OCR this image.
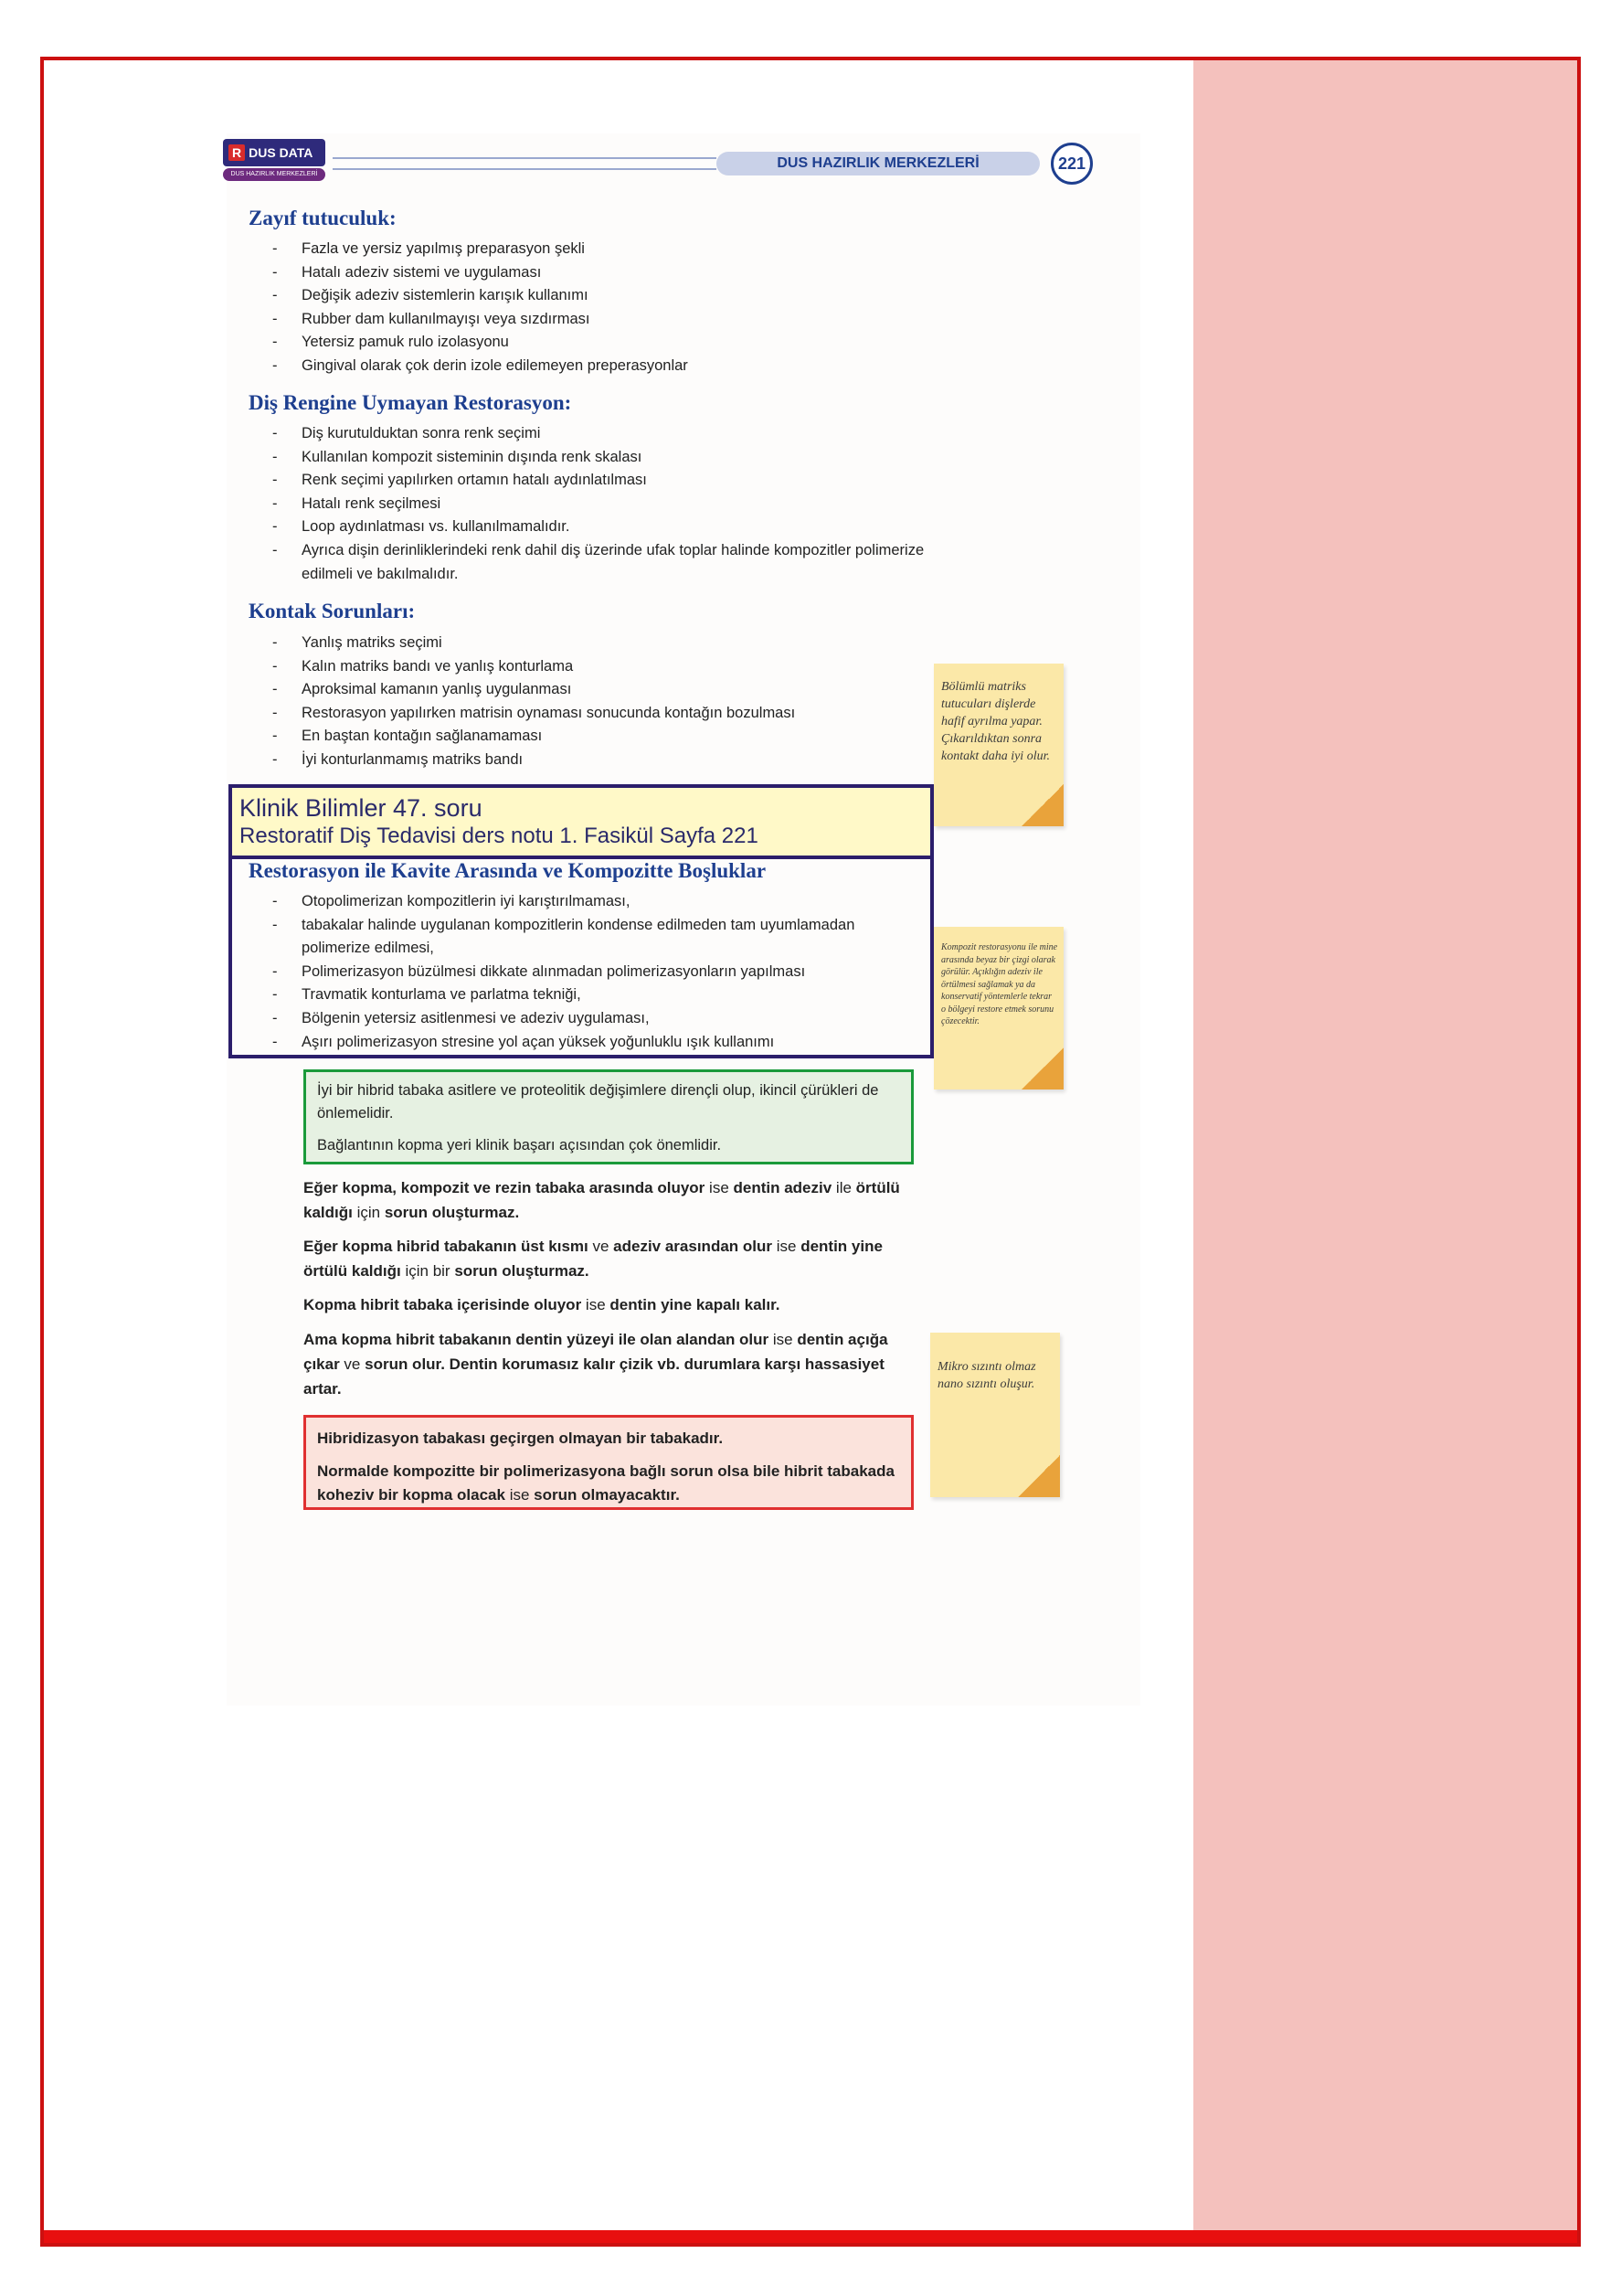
R DUS DATA
DUS HAZIRLIK MERKEZLERİ
DUS HAZIRLIK MERKEZLERİ	221
Zayıf tutuculuk:
- Fazla ve yersiz yapılmış preparasyon şekli
- Hatalı adeziv sistemi ve uygulaması
- Değişik adeziv sistemlerin karışık kullanımı
- Rubber dam kullanılmayışı veya sızdırması
- Yetersiz pamuk rulo izolasyonu
- Gingival olarak çok derin izole edilemeyen preperasyonlar
Diş Rengine Uymayan Restorasyon:
- Diş kurutulduktan sonra renk seçimi
- Kullanılan kompozit sisteminin dışında renk skalası
- Renk seçimi yapılırken ortamın hatalı aydınlatılması
- Hatalı renk seçilmesi
- Loop aydınlatması vs. kullanılmamalıdır.
- Ayrıca dişin derinliklerindeki renk dahil diş üzerinde ufak toplar halinde kompozitler polimerize edilmeli ve bakılmalıdır.
Kontak Sorunları:
- Yanlış matriks seçimi
- Kalın matriks bandı ve yanlış konturlama
- Aproksimal kamanın yanlış uygulanması
- Restorasyon yapılırken matrisin oynaması sonucunda kontağın bozulması
- En baştan kontağın sağlanamaması
- İyi konturlanmamış matriks bandı
Bölümlü matriks tutucuları dişlerde hafif ayrılma yapar. Çıkarıldıktan sonra kontakt daha iyi olur.
Klinik Bilimler 47. soru
Restoratif Diş Tedavisi ders notu 1. Fasikül Sayfa 221
Restorasyon ile Kavite Arasında ve Kompozitte Boşluklar
- Otopolimerizan kompozitlerin iyi karıştırılmaması,
- tabakalar halinde uygulanan kompozitlerin kondense edilmeden tam uyumlamadan polimerize edilmesi,
- Polimerizasyon büzülmesi dikkate alınmadan polimerizasyonların yapılması
- Travmatik konturlama ve parlatma tekniği,
- Bölgenin yetersiz asitlenmesi ve adeziv uygulaması,
- Aşırı polimerizasyon stresine yol açan yüksek yoğunluklu ışık kullanımı
Kompozit restorasyonu ile mine arasında beyaz bir çizgi olarak görülür. Açıklığın adeziv ile örtülmesi sağlamak ya da konservatif yöntemlerle tekrar o bölgeyi restore etmek sorunu çözecektir.

İyi bir hibrid tabaka asitlere ve proteolitik değişimlere dirençli olup, ikincil çürükleri de önlemelidir.

Bağlantının kopma yeri klinik başarı açısından çok önemlidir.

Eğer kopma, kompozit ve rezin tabaka arasında oluyor ise dentin adeziv ile örtülü kaldığı için sorun oluşturmaz.

Eğer kopma hibrid tabakanın üst kısmı ve adeziv arasından olur ise dentin yine örtülü kaldığı için bir sorun oluşturmaz.

Kopma hibrit tabaka içerisinde oluyor ise dentin yine kapalı kalır.

Ama kopma hibrit tabakanın dentin yüzeyi ile olan alandan olur ise dentin açığa çıkar ve sorun olur. Dentin korumasız kalır çizik vb. durumlara karşı hassasiyet artar.

Mikro sızıntı olmaz nano sızıntı oluşur.

Hibridizasyon tabakası geçirgen olmayan bir tabakadır.

Normalde kompozitte bir polimerizasyona bağlı sorun olsa bile hibrit tabakada koheziv bir kopma olacak ise sorun olmayacaktır.
